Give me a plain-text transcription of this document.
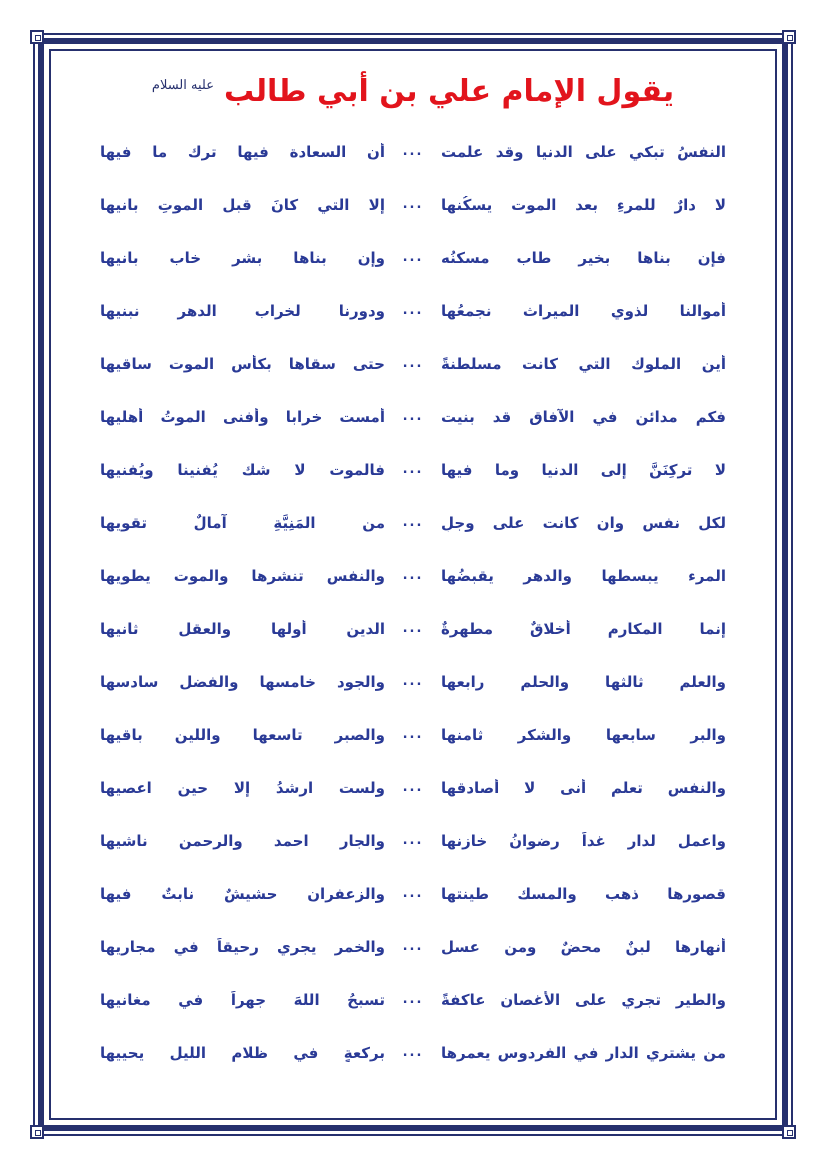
يقول الإمام علي بن أبي طالب
عليه السلام
النفسُ تبكي على الدنيا وقد علمت
...
أن السعادة فيها ترك ما فيها
لا دارٌ للمرءِ بعد الموت يسكُنها
...
إلا التي كانَ قبل الموتِ بانيها
فإن بناها بخير طاب مسكنُه
...
وإن بناها بشر خاب بانيها
أموالنا لذوي الميراث نجمعُها
...
ودورنا لخراب الدهر نبنيها
أين الملوك التي كانت مسلطنةً
...
حتى سقاها بكأس الموت ساقيها
فكم مدائنٍ في الآفاق قد بنيت
...
أمست خرابا وأفنى الموتُ أهليها
لا تركِنَنَّ إلى الدنيا وما فيها
...
فالموت لا شك يُفنينا ويُفنيها
لكل نفس وان كانت على وجلٍ
...
من المَنِيَّةِ آمالٌ تقويها
المرء يبسطها والدهر يقبضُها
...
والنفس تنشرها والموت يطويها
إنما المكارم أخلاقٌ مطهرةٌ
...
الدين أولها والعقل ثانيها
والعلم ثالثها والحلم رابعها
...
والجود خامسها والفضل سادسها
والبر سابعها والشكر ثامنها
...
والصبر تاسعها واللين باقيها
والنفس تعلم أنى لا أصادقها
...
ولست ارشدُ إلا حين اعصيها
واعمل لدارٍ غداً رضوانُ خازنها
...
والجار احمد والرحمن ناشيها
قصورها ذهب والمسك طينتها
...
والزعفران حشيشٌ نابتٌ فيها
أنهارها لبنٌ محضٌ ومن عسل
...
والخمر يجري رحيقاً في مجاريها
والطير تجري على الأغصان عاكفةً
...
تسبحُ اللهَ جهراً في مغانيها
من يشتري الدار في الفردوس يعمرها
...
بركعةٍ في ظلام الليل يحييها
